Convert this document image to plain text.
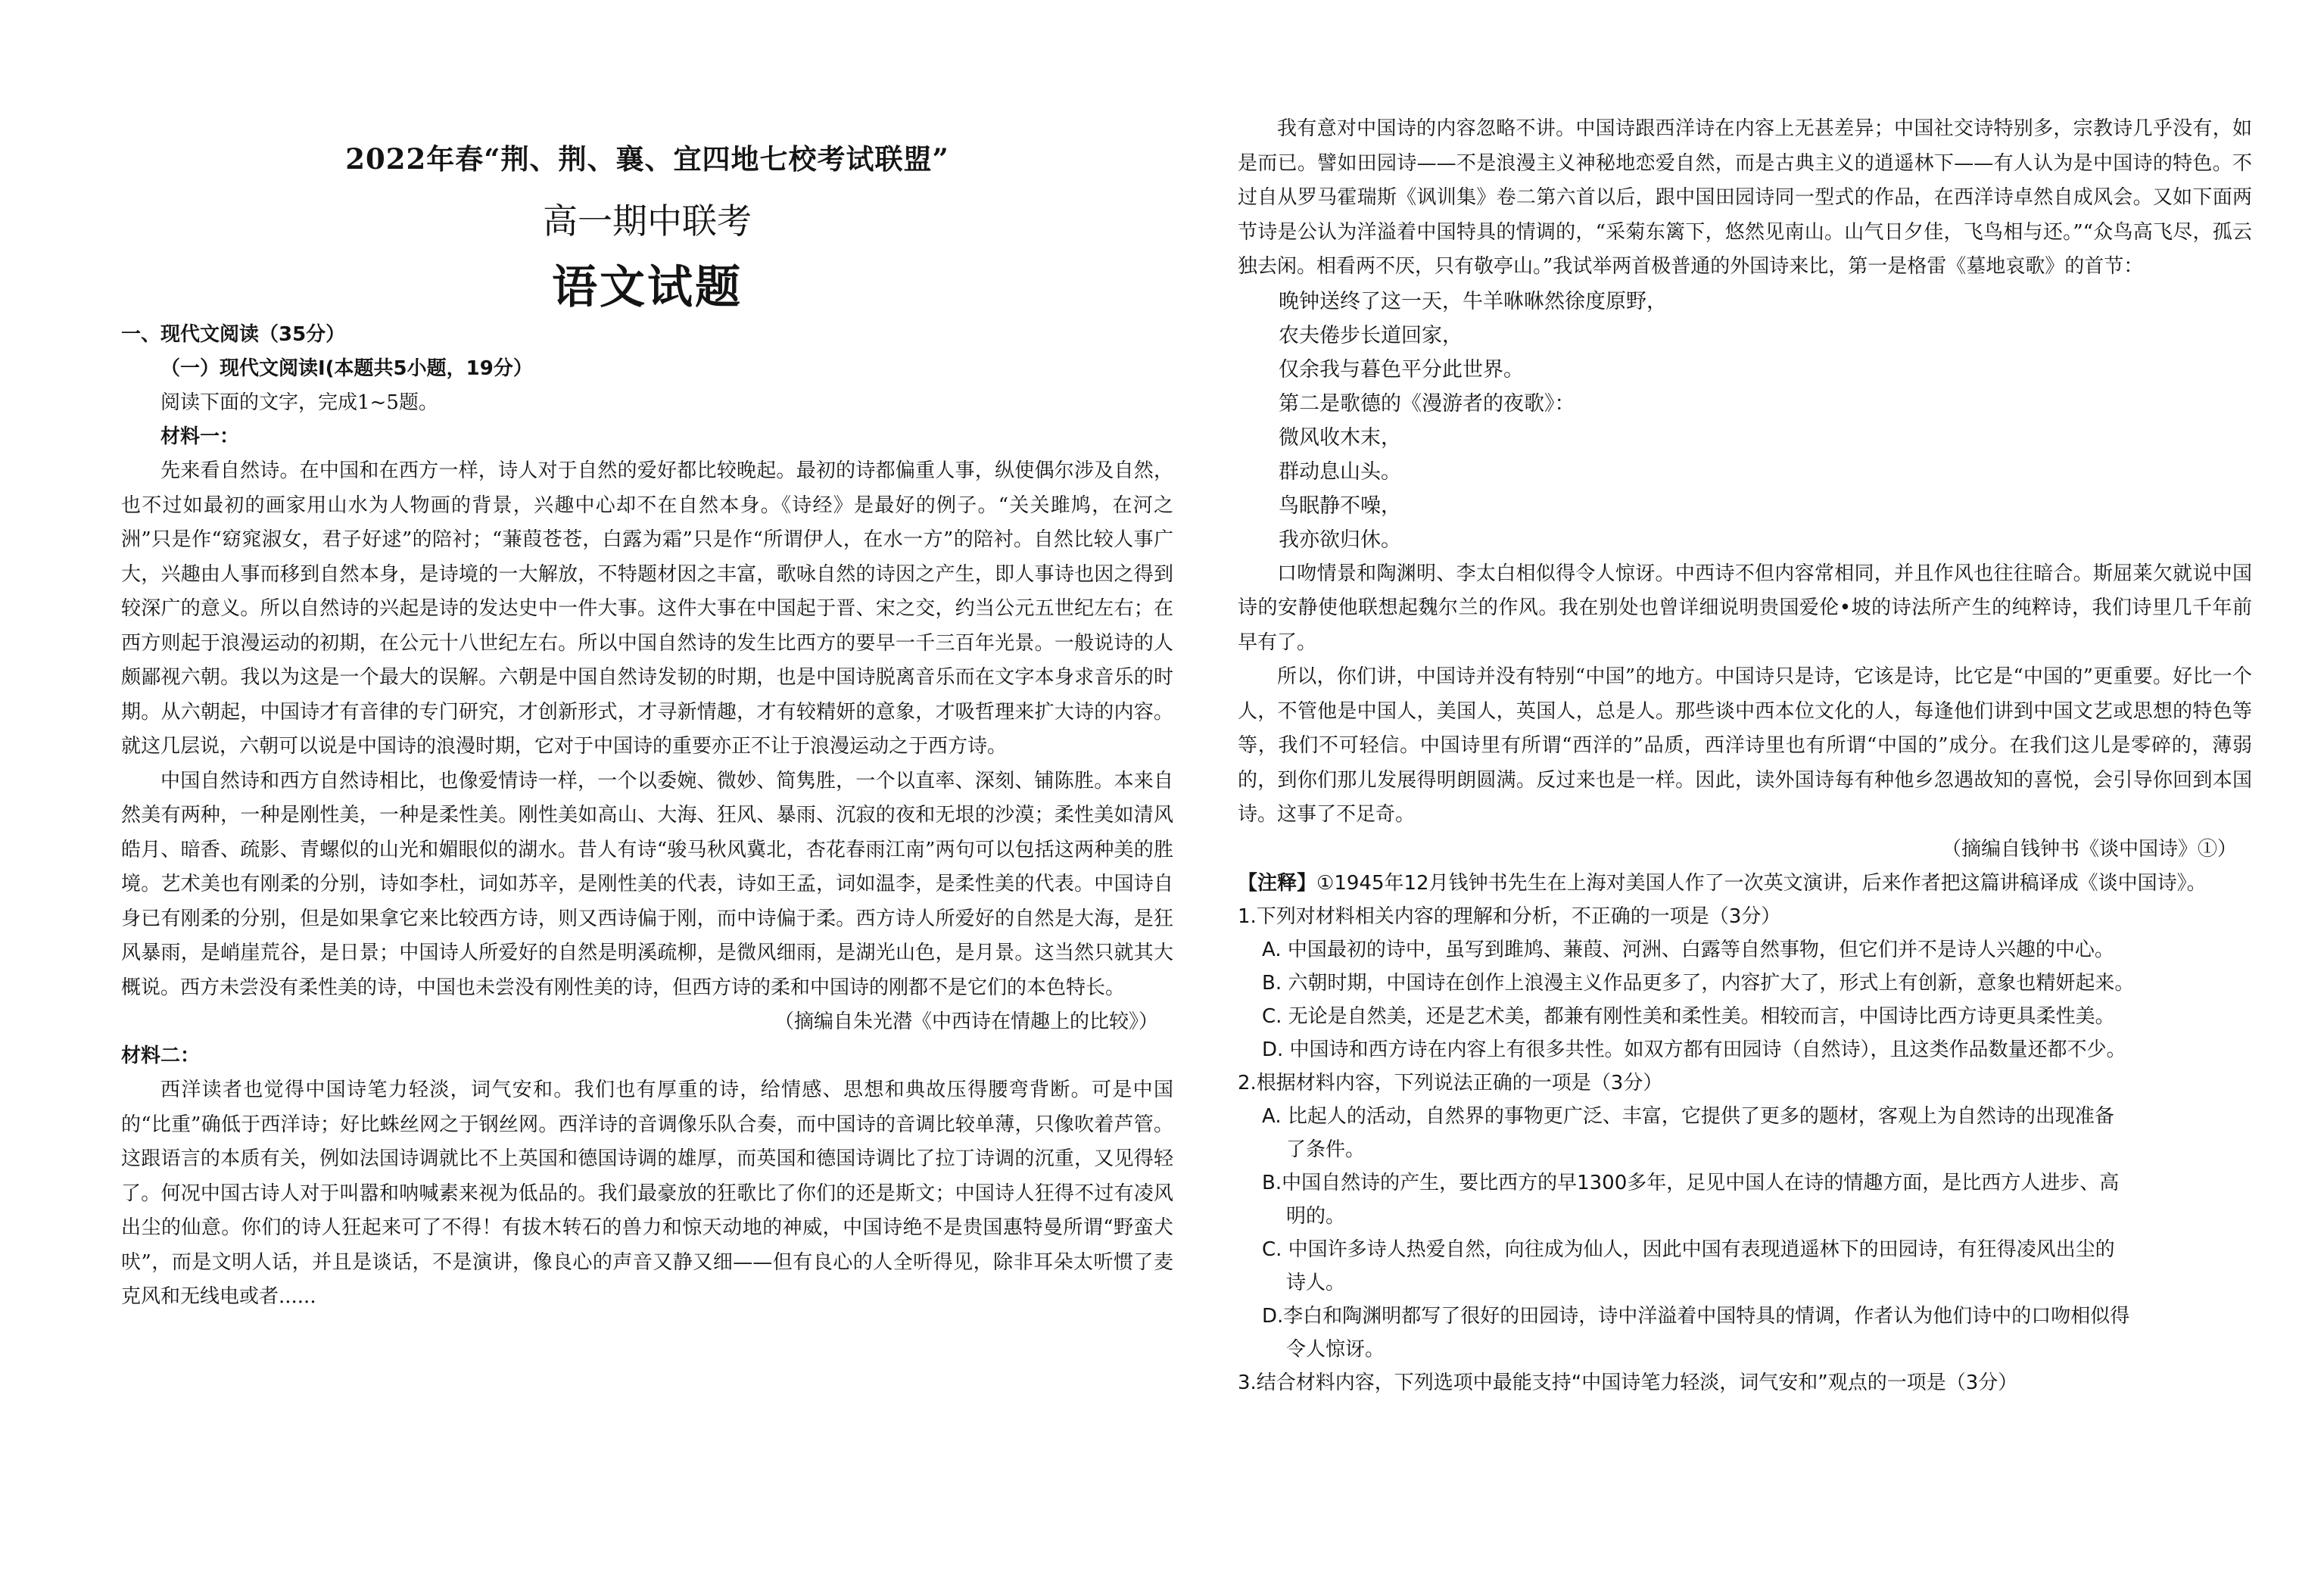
2022年春“荆、荆、襄、宜四地七校考试联盟”
高一期中联考
语文试题
一、现代文阅读（35分）
（一）现代文阅读I(本题共5小题，19分）
阅读下面的文字，完成1~5题。
材料一：

先来看自然诗。在中国和在西方一样，诗人对于自然的爱好都比较晚起。最初的诗都偏重人事，纵使偶尔涉及自然，也不过如最初的画家用山水为人物画的背景，兴趣中心却不在自然本身。《诗经》是最好的例子。“关关雎鸠，在河之洲”只是作“窈窕淑女，君子好逑”的陪衬；“蒹葭苍苍，白露为霜”只是作“所谓伊人，在水一方”的陪衬。自然比较人事广大，兴趣由人事而移到自然本身，是诗境的一大解放，不特题材因之丰富，歌咏自然的诗因之产生，即人事诗也因之得到较深广的意义。所以自然诗的兴起是诗的发达史中一件大事。这件大事在中国起于晋、宋之交，约当公元五世纪左右；在西方则起于浪漫运动的初期，在公元十八世纪左右。所以中国自然诗的发生比西方的要早一千三百年光景。一般说诗的人颇鄙视六朝。我以为这是一个最大的误解。六朝是中国自然诗发韧的时期，也是中国诗脱离音乐而在文字本身求音乐的时期。从六朝起，中国诗才有音律的专门研究，才创新形式，才寻新情趣，才有较精妍的意象，才吸哲理来扩大诗的内容。就这几层说，六朝可以说是中国诗的浪漫时期，它对于中国诗的重要亦正不让于浪漫运动之于西方诗。

中国自然诗和西方自然诗相比，也像爱情诗一样，一个以委婉、微妙、简隽胜，一个以直率、深刻、铺陈胜。本来自然美有两种，一种是刚性美，一种是柔性美。刚性美如高山、大海、狂风、暴雨、沉寂的夜和无垠的沙漠；柔性美如清风皓月、暗香、疏影、青螺似的山光和媚眼似的湖水。昔人有诗“骏马秋风冀北，杏花春雨江南”两句可以包括这两种美的胜境。艺术美也有刚柔的分别，诗如李杜，词如苏辛，是刚性美的代表，诗如王孟，词如温李，是柔性美的代表。中国诗自身已有刚柔的分别，但是如果拿它来比较西方诗，则又西诗偏于刚，而中诗偏于柔。西方诗人所爱好的自然是大海，是狂风暴雨，是峭崖荒谷，是日景；中国诗人所爱好的自然是明溪疏柳，是微风细雨，是湖光山色，是月景。这当然只就其大概说。西方未尝没有柔性美的诗，中国也未尝没有刚性美的诗，但西方诗的柔和中国诗的刚都不是它们的本色特长。

（摘编自朱光潜《中西诗在情趣上的比较》）
材料二：

西洋读者也觉得中国诗笔力轻淡，词气安和。我们也有厚重的诗，给情感、思想和典故压得腰弯背断。可是中国的“比重”确低于西洋诗；好比蛛丝网之于钢丝网。西洋诗的音调像乐队合奏，而中国诗的音调比较单薄，只像吹着芦管。这跟语言的本质有关，例如法国诗调就比不上英国和德国诗调的雄厚，而英国和德国诗调比了拉丁诗调的沉重，又见得轻了。何况中国古诗人对于叫嚣和呐喊素来视为低品的。我们最豪放的狂歌比了你们的还是斯文；中国诗人狂得不过有凌风出尘的仙意。你们的诗人狂起来可了不得！有拔木转石的兽力和惊天动地的神威，中国诗绝不是贵国惠特曼所谓“野蛮犬吠”，而是文明人话，并且是谈话，不是演讲，像良心的声音又静又细——但有良心的人全听得见，除非耳朵太听惯了麦克风和无线电或者......

我有意对中国诗的内容忽略不讲。中国诗跟西洋诗在内容上无甚差异；中国社交诗特别多，宗教诗几乎没有，如是而已。譬如田园诗——不是浪漫主义神秘地恋爱自然，而是古典主义的逍遥林下——有人认为是中国诗的特色。不过自从罗马霍瑞斯《讽训集》卷二第六首以后，跟中国田园诗同一型式的作品，在西洋诗卓然自成风会。又如下面两节诗是公认为洋溢着中国特具的情调的，“采菊东篱下，悠然见南山。山气日夕佳，飞鸟相与还。”“众鸟高飞尽，孤云独去闲。相看两不厌，只有敬亭山。”我试举两首极普通的外国诗来比，第一是格雷《墓地哀歌》的首节：

晚钟送终了这一天，牛羊咻咻然徐度原野，
农夫倦步长道回家，
仅余我与暮色平分此世界。
第二是歌德的《漫游者的夜歌》：
微风收木末，
群动息山头。
鸟眠静不噪，
我亦欲归休。

口吻情景和陶渊明、李太白相似得令人惊讶。中西诗不但内容常相同，并且作风也往往暗合。斯屈莱欠就说中国诗的安静使他联想起魏尔兰的作风。我在别处也曾详细说明贵国爱伦•坡的诗法所产生的纯粹诗，我们诗里几千年前早有了。

所以，你们讲，中国诗并没有特别“中国”的地方。中国诗只是诗，它该是诗，比它是“中国的”更重要。好比一个人，不管他是中国人，美国人，英国人，总是人。那些谈中西本位文化的人，每逢他们讲到中国文艺或思想的特色等等，我们不可轻信。中国诗里有所谓“西洋的”品质，西洋诗里也有所谓“中国的”成分。在我们这儿是零碎的，薄弱的，到你们那儿发展得明朗圆满。反过来也是一样。因此，读外国诗每有种他乡忽遇故知的喜悦，会引导你回到本国诗。这事了不足奇。

（摘编自钱钟书《谈中国诗》①）
【注释】①1945年12月钱钟书先生在上海对美国人作了一次英文演讲，后来作者把这篇讲稿译成《谈中国诗》。
1.下列对材料相关内容的理解和分析，不正确的一项是（3分）
A. 中国最初的诗中，虽写到雎鸠、蒹葭、河洲、白露等自然事物，但它们并不是诗人兴趣的中心。
B. 六朝时期，中国诗在创作上浪漫主义作品更多了，内容扩大了，形式上有创新，意象也精妍起来。
C. 无论是自然美，还是艺术美，都兼有刚性美和柔性美。相较而言，中国诗比西方诗更具柔性美。
D. 中国诗和西方诗在内容上有很多共性。如双方都有田园诗（自然诗），且这类作品数量还都不少。
2.根据材料内容，下列说法正确的一项是（3分）
A. 比起人的活动，自然界的事物更广泛、丰富，它提供了更多的题材，客观上为自然诗的出现准备
了条件。
B.中国自然诗的产生，要比西方的早1300多年，足见中国人在诗的情趣方面，是比西方人进步、高
明的。
C. 中国许多诗人热爱自然，向往成为仙人，因此中国有表现逍遥林下的田园诗，有狂得凌风出尘的
诗人。
D.李白和陶渊明都写了很好的田园诗，诗中洋溢着中国特具的情调，作者认为他们诗中的口吻相似得
令人惊讶。
3.结合材料内容，下列选项中最能支持“中国诗笔力轻淡，词气安和”观点的一项是（3分）
